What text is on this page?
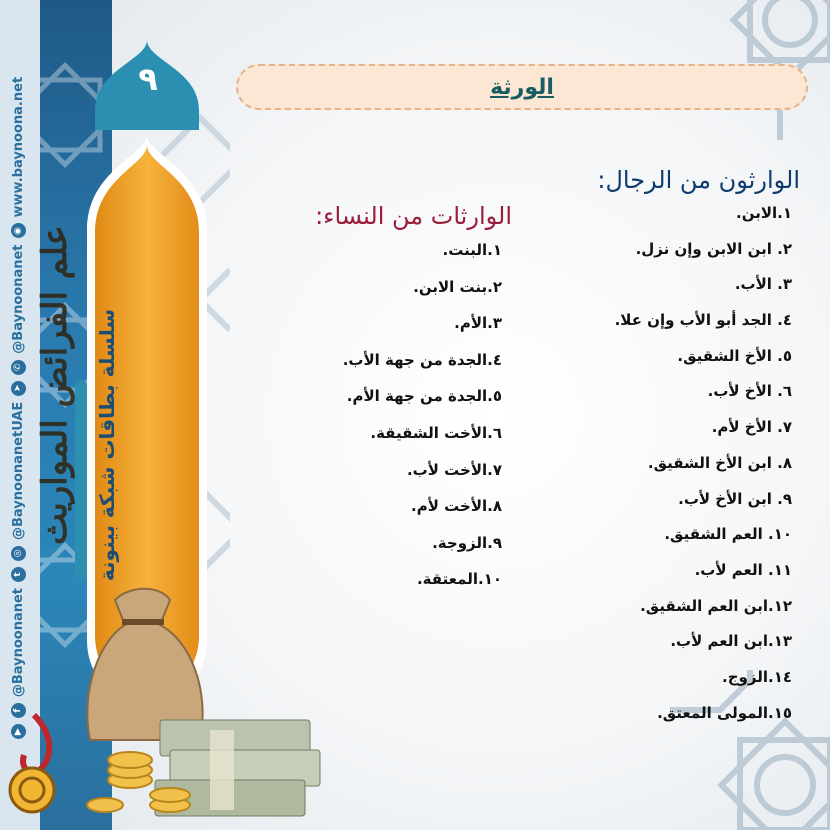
▶
f
@Baynoonanet
t
◎
@BaynoonanetUAE
➤
✆
@Baynoonanet
◉
www.baynoona.net	٩
سلسلة بطاقات شبكة بينونة
علم الفرائض المواريث
الورثة
الوارثون من الرجال:
١.الابن.
٢. ابن الابن وإن نزل.
٣. الأب.
٤. الجد أبو الأب وإن علا.
٥. الأخ الشقيق.
٦. الأخ لأب.
٧. الأخ لأم.
٨. ابن الأخ الشقيق.
٩. ابن الأخ لأب.
١٠. العم الشقيق.
١١. العم لأب.
١٢.ابن العم الشقيق.
١٣.ابن العم لأب.
١٤.الزوج.
١٥.المولى المعتق.
الوارثات من النساء:
١.البنت.
٢.بنت الابن.
٣.الأم.
٤.الجدة من جهة الأب.
٥.الجدة من جهة الأم.
٦.الأخت الشقيقة.
٧.الأخت لأب.
٨.الأخت لأم.
٩.الزوجة.
١٠.المعتقة.
